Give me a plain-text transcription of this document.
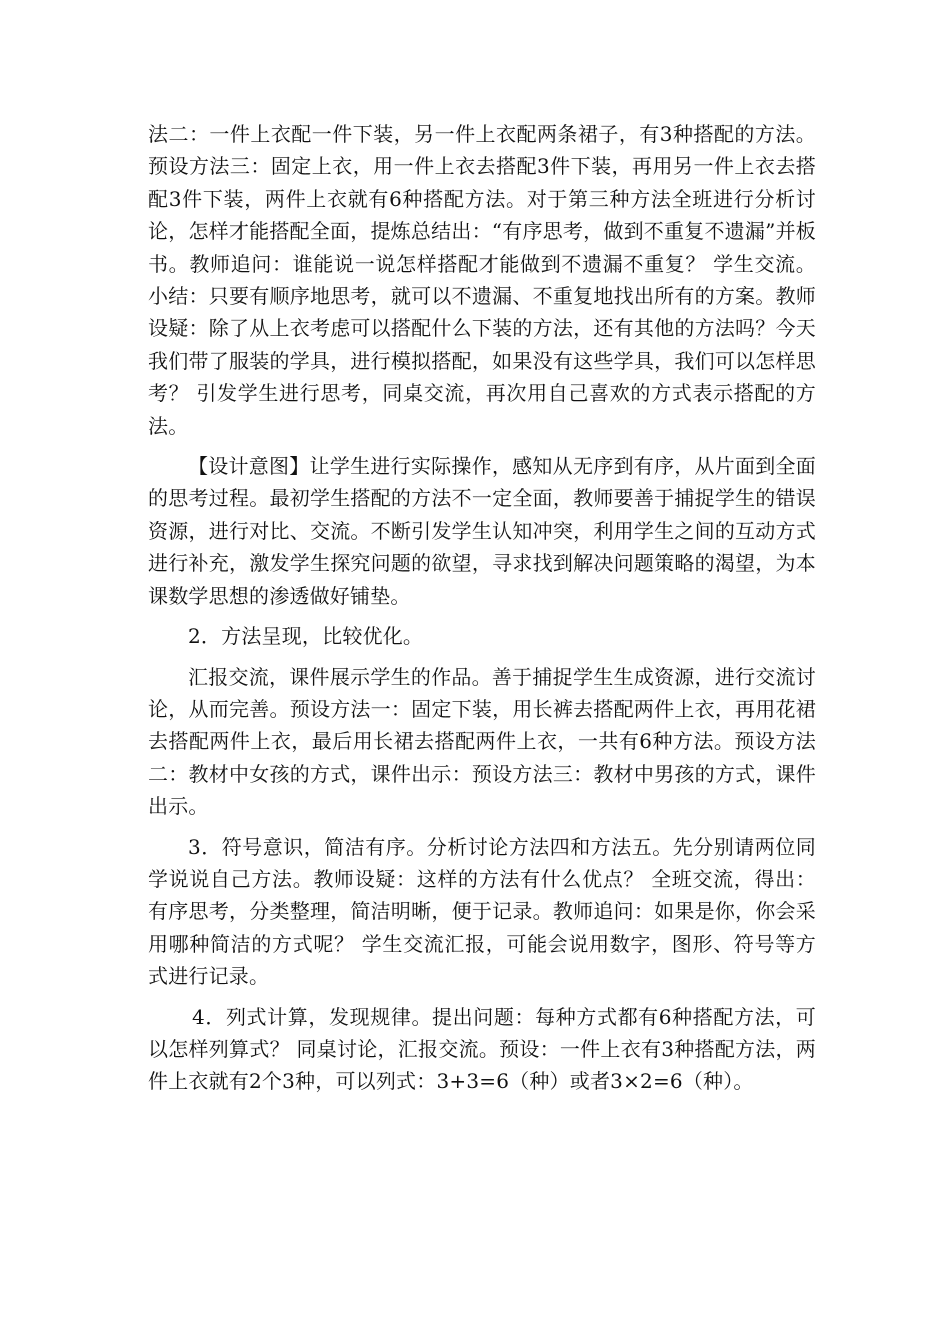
法二：一件上衣配一件下装，另一件上衣配两条裙子，有3种搭配的方法。预设方法三：固定上衣，用一件上衣去搭配3件下装，再用另一件上衣去搭配3件下装，两件上衣就有6种搭配方法。对于第三种方法全班进行分析讨论，怎样才能搭配全面，提炼总结出：“有序思考，做到不重复不遗漏”并板书。教师追问：谁能说一说怎样搭配才能做到不遗漏不重复？ 学生交流。小结：只要有顺序地思考，就可以不遗漏、不重复地找出所有的方案。教师设疑：除了从上衣考虑可以搭配什么下装的方法，还有其他的方法吗？今天我们带了服装的学具，进行模拟搭配，如果没有这些学具，我们可以怎样思考？ 引发学生进行思考，同桌交流，再次用自己喜欢的方式表示搭配的方法。

【设计意图】让学生进行实际操作，感知从无序到有序，从片面到全面的思考过程。最初学生搭配的方法不一定全面，教师要善于捕捉学生的错误资源，进行对比、交流。不断引发学生认知冲突，利用学生之间的互动方式进行补充，激发学生探究问题的欲望，寻求找到解决问题策略的渴望，为本课数学思想的渗透做好铺垫。

2．方法呈现，比较优化。

汇报交流，课件展示学生的作品。善于捕捉学生生成资源，进行交流讨论，从而完善。预设方法一：固定下装，用长裤去搭配两件上衣，再用花裙去搭配两件上衣，最后用长裙去搭配两件上衣，一共有6种方法。预设方法二：教材中女孩的方式，课件出示：预设方法三：教材中男孩的方式，课件出示。

3．符号意识，简洁有序。分析讨论方法四和方法五。先分别请两位同学说说自己方法。教师设疑：这样的方法有什么优点？ 全班交流，得出：有序思考，分类整理，简洁明晰，便于记录。教师追问：如果是你，你会采用哪种简洁的方式呢？ 学生交流汇报，可能会说用数字，图形、符号等方式进行记录。

4．列式计算，发现规律。提出问题：每种方式都有6种搭配方法，可以怎样列算式？ 同桌讨论，汇报交流。预设：一件上衣有3种搭配方法，两件上衣就有2个3种，可以列式：3+3=6（种）或者3×2=6（种）。
